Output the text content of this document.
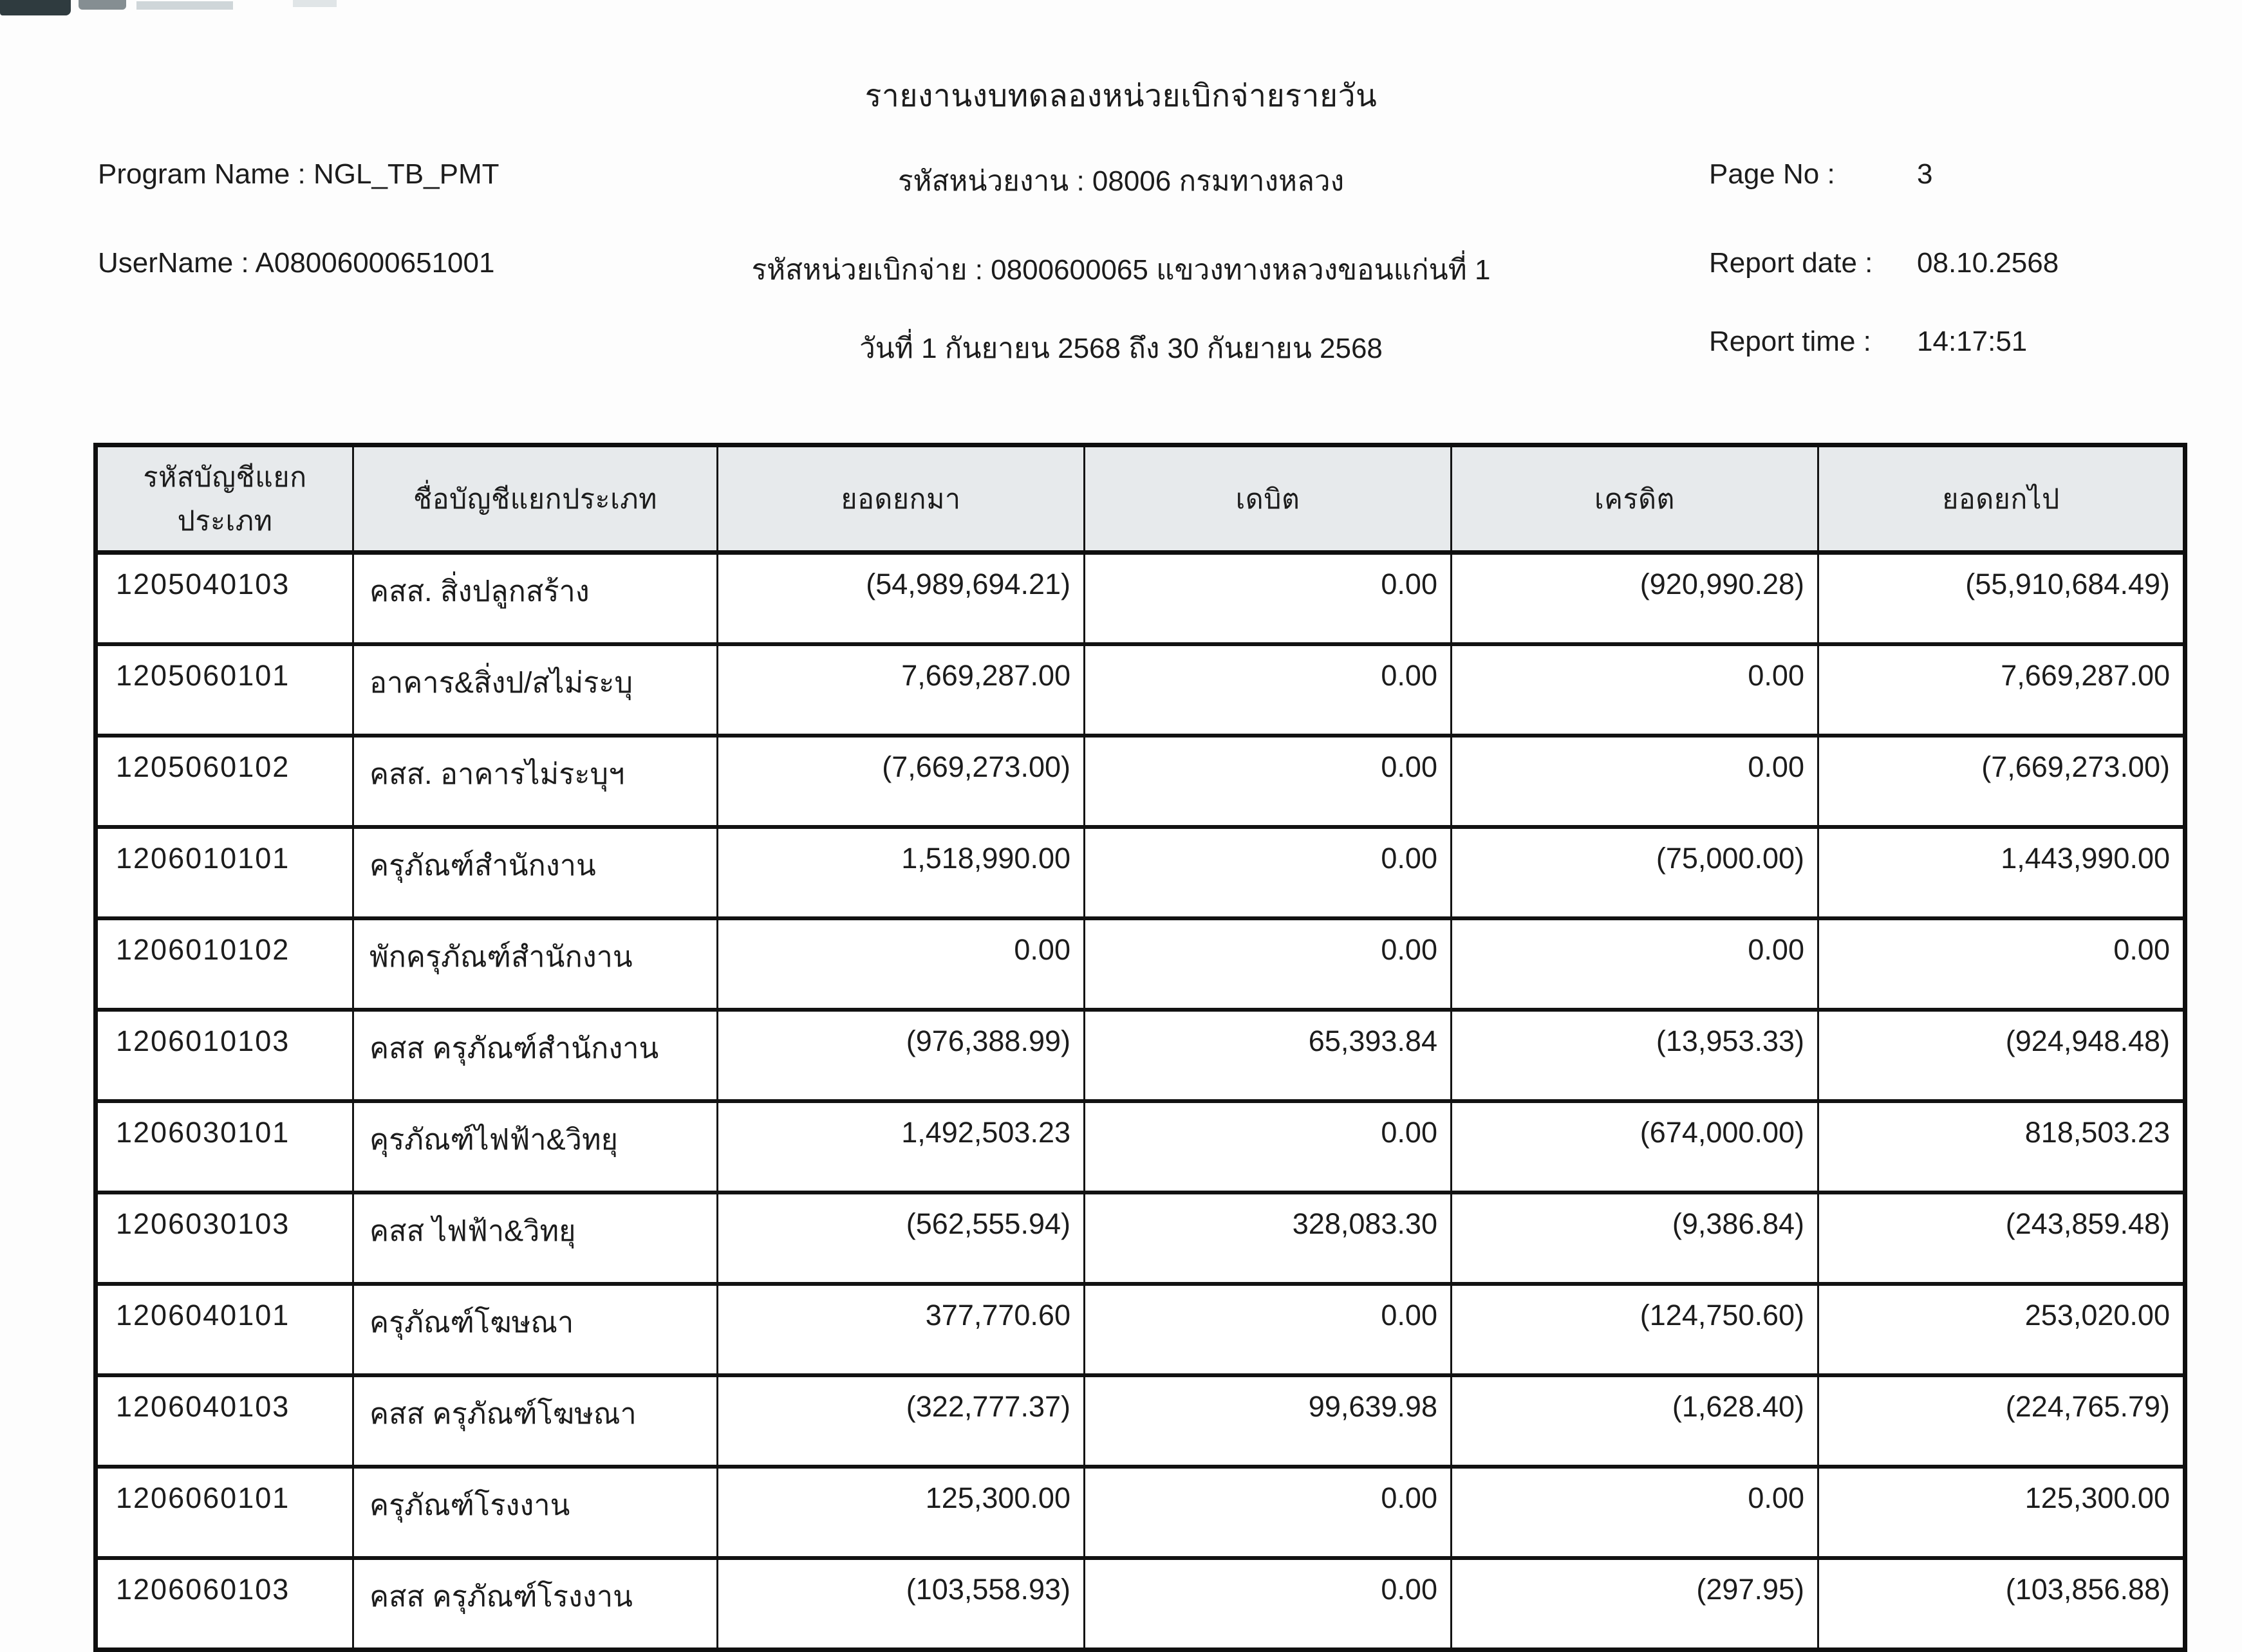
รายงานงบทดลองหน่วยเบิกจ่ายรายวัน
รหัสหน่วยงาน : 08006 กรมทางหลวง
Program Name : NGL_TB_PMT	Page No :	3
รหัสหน่วยเบิกจ่าย : 0800600065 แขวงทางหลวงขอนแก่นที่ 1
UserName : A08006000651001	Report date : 08.10.2568
วันที่ 1 กันยายน 2568 ถึง 30 กันยายน 2568	Report time : 14:17:51
รหัสบัญชีแยกประเภท	ชื่อบัญชีแยกประเภท	ยอดยกมา	เดบิต	เครดิต	ยอดยกไป
1205040103	คสส. สิ่งปลูกสร้าง	(54,989,694.21)	0.00	(920,990.28)	(55,910,684.49)
1205060101	อาคาร&สิ่งป/สไม่ระบุ	7,669,287.00	0.00	0.00	7,669,287.00
1205060102	คสส. อาคารไม่ระบุฯ	(7,669,273.00)	0.00	0.00	(7,669,273.00)
1206010101	ครุภัณฑ์สำนักงาน	1,518,990.00	0.00	(75,000.00)	1,443,990.00
1206010102	พักครุภัณฑ์สำนักงาน	0.00	0.00	0.00	0.00
1206010103	คสส ครุภัณฑ์สำนักงาน	(976,388.99)	65,393.84	(13,953.33)	(924,948.48)
1206030101	คุรภัณฑ์ไฟฟ้า&วิทยุ	1,492,503.23	0.00	(674,000.00)	818,503.23
1206030103	คสส ไฟฟ้า&วิทยุ	(562,555.94)	328,083.30	(9,386.84)	(243,859.48)
1206040101	ครุภัณฑ์โฆษณา	377,770.60	0.00	(124,750.60)	253,020.00
1206040103	คสส ครุภัณฑ์โฆษณา	(322,777.37)	99,639.98	(1,628.40)	(224,765.79)
1206060101	ครุภัณฑ์โรงงาน	125,300.00	0.00	0.00	125,300.00
1206060103	คสส ครุภัณฑ์โรงงาน	(103,558.93)	0.00	(297.95)	(103,856.88)
